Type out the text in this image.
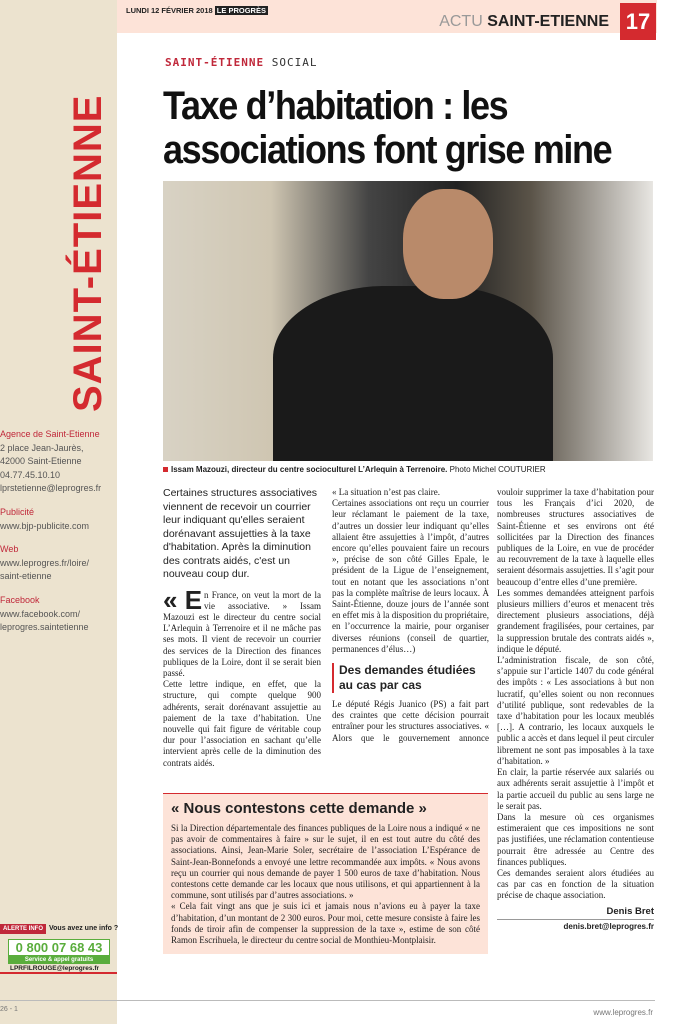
SAINT-ÉTIENNE
Agence de Saint-Etienne
2 place Jean-Jaurès,
42000 Saint-Etienne
04.77.45.10.10
lprstetienne@leprogres.fr
Publicité
www.bjp-publicite.com
Web
www.leprogres.fr/loire/
saint-etienne
Facebook
www.facebook.com/
leprogres.saintetienne
ALERTE INFO Vous avez une info ?
0 800 07 68 43
Service & appel gratuits
LPRFILROUGE@leprogres.fr
LUNDI 12 FÉVRIER 2018 LE PROGRÈS
ACTU SAINT-ETIENNE 17
SAINT-ÉTIENNE SOCIAL
Taxe d’habitation : les associations font grise mine
Issam Mazouzi, directeur du centre socioculturel L’Arlequin à Terrenoire. Photo Michel COUTURIER

Certaines structures associatives viennent de recevoir un courrier leur indiquant qu'elles seraient dorénavant assujetties à la taxe d'habitation. Après la diminution des contrats aidés, c'est un nouveau coup dur.

« E n France, on veut la mort de la vie associative. » Issam Mazouzi est le directeur du centre social L’Arlequin à Terrenoire et il ne mâche pas ses mots. Il vient de recevoir un courrier des services de la Direction des finances publiques de la Loire, dont il se serait bien passé.

Cette lettre indique, en effet, que la structure, qui compte quelque 900 adhérents, serait dorénavant assujettie au paiement de la taxe d’habitation. Une nouvelle qui fait figure de véritable coup dur pour l’association en sachant qu’elle intervient après celle de la diminution des contrats aidés.

« La situation n’est pas claire.

Certaines associations ont reçu un courrier leur réclamant le paiement de la taxe, d’autres un dossier leur indiquant qu’elles allaient être assujetties à l’impôt, d’autres encore qu’elles pouvaient faire un recours », précise de son côté Gilles Epale, le président de la Ligue de l’enseignement, tout en notant que les associations n’ont pas la complète maîtrise de leurs locaux. À Saint-Étienne, douze jours de l’année sont en effet mis à la disposition du propriétaire, en l’occurrence la mairie, pour organiser diverses réunions (conseil de quartier, permanences d’élus…)

Des demandes étudiées au cas par cas

Le député Régis Juanico (PS) a fait part des craintes que cette décision pourrait entraîner pour les structures associatives. « Alors que le gouvernement annonce

vouloir supprimer la taxe d’habitation pour tous les Français d’ici 2020, de nombreuses structures associatives de Saint-Étienne et ses environs ont été sollicitées par la Direction des finances publiques de la Loire, en vue de procéder au recouvrement de la taxe à laquelle elles seraient désormais assujetties. Il s’agit pour beaucoup d’entre elles d’une première.

Les sommes demandées atteignent parfois plusieurs milliers d’euros et menacent très directement plusieurs associations, déjà grandement fragilisées, pour certaines, par la suppression brutale des contrats aidés », indique le député.

L’administration fiscale, de son côté, s’appuie sur l’article 1407 du code général des impôts : « Les associations à but non lucratif, qu’elles soient ou non reconnues d’utilité publique, sont redevables de la taxe d’habitation pour les locaux meublés […]. A contrario, les locaux auxquels le public a accès et dans lequel il peut circuler librement ne sont pas imposables à la taxe d’habitation. »

En clair, la partie réservée aux salariés ou aux adhérents serait assujettie à l’impôt et la partie accueil du public au sens large ne le serait pas.

Dans la mesure où ces organismes estimeraient que ces impositions ne sont pas justifiées, une réclamation contentieuse pourrait être adressée au Centre des finances publiques.

Ces demandes seraient alors étudiées au cas par cas en fonction de la situation précise de chaque association.

Denis Bret
denis.bret@leprogres.fr
« Nous contestons cette demande »

Si la Direction départementale des finances publiques de la Loire nous a indiqué « ne pas avoir de commentaires à faire » sur le sujet, il en est tout autre du côté des associations. Ainsi, Jean-Marie Soler, secrétaire de l’association L’Espérance de Saint-Jean-Bonnefonds a envoyé une lettre recommandée aux impôts. « Nous avons reçu un courrier qui nous demande de payer 1 500 euros de taxe d’habitation. Nous contestons cette demande car les locaux que nous utilisons, et qui appartiennent à la commune, sont utilisés par d’autres associations. »

« Cela fait vingt ans que je suis ici et jamais nous n’avions eu à payer la taxe d’habitation, d’un montant de 2 300 euros. Pour moi, cette mesure consiste à faire les fonds de tiroir afin de compenser la suppression de la taxe », estime de son côté Ramon Escrihuela, le directeur du centre social de Monthieu-Montplaisir.

26 - 1	www.leprogres.fr
